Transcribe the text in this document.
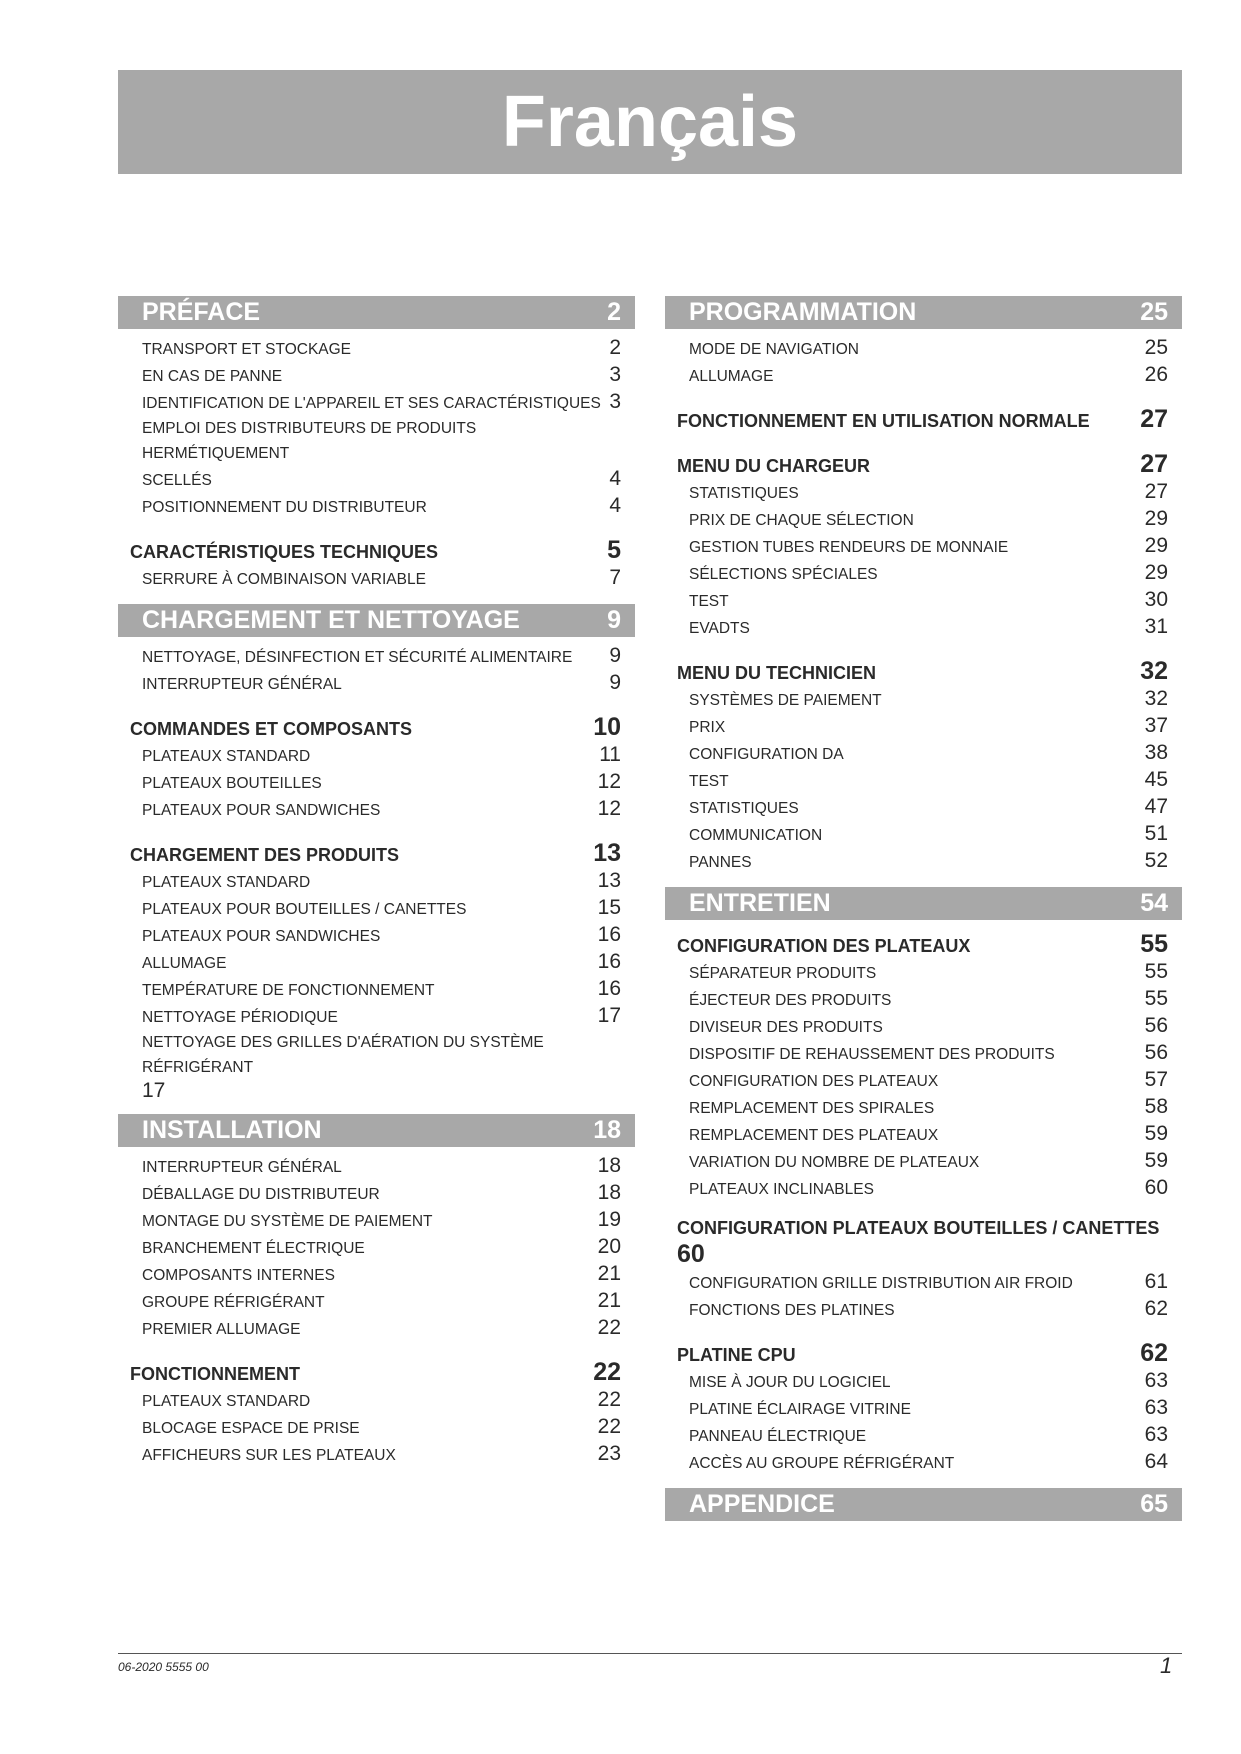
Français
PRÉFACE	2
TRANSPORT ET STOCKAGE	2
EN CAS DE PANNE	3
IDENTIFICATION DE L'APPAREIL ET SES CARACTÉRISTIQUES 3
EMPLOI DES DISTRIBUTEURS DE PRODUITS HERMÉTIQUEMENT
SCELLÉS	4
POSITIONNEMENT DU DISTRIBUTEUR	4
CARACTÉRISTIQUES TECHNIQUES	5
SERRURE À COMBINAISON VARIABLE	7
CHARGEMENT ET NETTOYAGE	9
NETTOYAGE, DÉSINFECTION ET SÉCURITÉ ALIMENTAIRE 9
INTERRUPTEUR GÉNÉRAL	9
COMMANDES ET COMPOSANTS	10
PLATEAUX STANDARD	11
PLATEAUX BOUTEILLES	12
PLATEAUX POUR SANDWICHES	12
CHARGEMENT DES PRODUITS	13
PLATEAUX STANDARD	13
PLATEAUX POUR BOUTEILLES / CANETTES	15
PLATEAUX POUR SANDWICHES	16
ALLUMAGE	16
TEMPÉRATURE DE FONCTIONNEMENT	16
NETTOYAGE PÉRIODIQUE	17
NETTOYAGE DES GRILLES D'AÉRATION DU SYSTÈME RÉFRIGÉRANT
17
INSTALLATION	18
INTERRUPTEUR GÉNÉRAL	18
DÉBALLAGE DU DISTRIBUTEUR	18
MONTAGE DU SYSTÈME DE PAIEMENT	19
BRANCHEMENT ÉLECTRIQUE	20
COMPOSANTS INTERNES	21
GROUPE RÉFRIGÉRANT	21
PREMIER ALLUMAGE	22
FONCTIONNEMENT	22
PLATEAUX STANDARD	22
BLOCAGE ESPACE DE PRISE	22
AFFICHEURS SUR LES PLATEAUX	23
PROGRAMMATION	25
MODE DE NAVIGATION	25
ALLUMAGE	26
FONCTIONNEMENT EN UTILISATION NORMALE 27
MENU DU CHARGEUR	27
STATISTIQUES	27
PRIX DE CHAQUE SÉLECTION	29
GESTION TUBES RENDEURS DE MONNAIE	29
SÉLECTIONS SPÉCIALES	29
TEST	30
EVADTS	31
MENU DU TECHNICIEN	32
SYSTÈMES DE PAIEMENT	32
PRIX	37
CONFIGURATION DA	38
TEST	45
STATISTIQUES	47
COMMUNICATION	51
PANNES	52
ENTRETIEN	54
CONFIGURATION DES PLATEAUX	55
SÉPARATEUR PRODUITS	55
ÉJECTEUR DES PRODUITS	55
DIVISEUR DES PRODUITS	56
DISPOSITIF DE REHAUSSEMENT DES PRODUITS	56
CONFIGURATION DES PLATEAUX	57
REMPLACEMENT DES SPIRALES	58
REMPLACEMENT DES PLATEAUX	59
VARIATION DU NOMBRE DE PLATEAUX	59
PLATEAUX INCLINABLES	60
CONFIGURATION PLATEAUX BOUTEILLES / CANETTES
60
CONFIGURATION GRILLE DISTRIBUTION AIR FROID	61
FONCTIONS DES PLATINES	62
PLATINE CPU	62
MISE À JOUR DU LOGICIEL	63
PLATINE ÉCLAIRAGE VITRINE	63
PANNEAU ÉLECTRIQUE	63
ACCÈS AU GROUPE RÉFRIGÉRANT	64
APPENDICE	65
06-2020 5555 00	1
